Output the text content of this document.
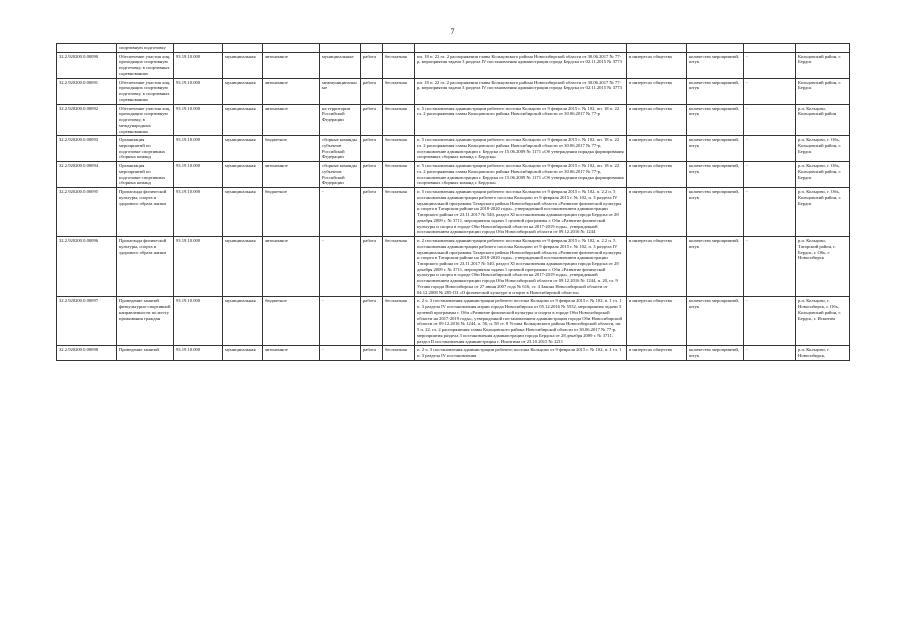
7
	спортивную подготовку											
32.2.920200.0.00090	Обеспечение участия лиц, проходящих спортивную подготовку, в спортивных соревнованиях	93.19.10.000	муниципальная	автономное	муниципальные	работа	бесплатная	пп. 18 п. 22 гл. 2 распоряжения главы Кольцовского района Новосибирской области от 30.06.2017 № 77-р, мероприятия задачи 3 раздела IV постановления администрации города Бердска от 02.11.2015 № 3773	в интересах общества	количество мероприятий, штук	-	Кольцовский район, г. Бердск
32.2.920200.0.00091	Обеспечение участия лиц, проходящих спортивную подготовку, в спортивных соревнованиях	93.19.10.000	муниципальная	автономное	межмуниципальные	работа	бесплатная	пп. 18 п. 22 гл. 2 распоряжения главы Кольцовского района Новосибирской области от 30.06.2017 № 77-р, мероприятия задачи 3 раздела IV постановления администрации города Бердска от 02.11.2015 № 3773	в интересах общества	количество мероприятий, штук	-	Кольцовский район, г. Бердск
32.2.920200.0.00092	Обеспечение участия лиц, проходящих спортивную подготовку, в международных соревнованиях	93.19.10.000	муниципальная	автономное	на территории Российской Федерации	работа	бесплатная	п. 5 постановления администрации рабочего поселка Кольцово от 9 февраля 2015 г. № 102, пп. 18 п. 22 гл. 2 распоряжения главы Кольцовского района Новосибирской области от 30.06.2017 № 77-р	в интересах общества	количество мероприятий, штук	-	р.п. Кольцово, Кольцовский район
32.2.920200.0.00093	Организация мероприятий по подготовке спортивных сборных команд	93.19.10.000	муниципальная	бюджетное	сборные команды субъектов Российской Федерации	работа	бесплатная	п. 5 постановления администрации рабочего поселка Кольцово от 9 февраля 2015 г. № 102, пп. 18 п. 22 гл. 2 распоряжения главы Кольцовского района Новосибирской области от 30.06.2017 № 77-р, постановление администрации г. Бердска от 15.06.2009 № 1171 «Об утверждении порядка формирования спортивных сборных команд г. Бердска»	в интересах общества	количество мероприятий, штук	-	р.п. Кольцово, г. Обь, Кольцовский район, г. Бердск
32.2.920200.0.00094	Организация мероприятий по подготовке спортивных сборных команд	93.19.10.000	муниципальная	автономное	сборные команды субъектов Российской Федерации	работа	бесплатная	п. 5 постановления администрации рабочего поселка Кольцово от 9 февраля 2015 г. № 102, пп. 18 п. 22 гл. 2 распоряжения главы Кольцовского района Новосибирской области от 30.06.2017 № 77-р, постановление администрации г. Бердска от 15.06.2009 № 1171 «Об утверждении порядка формирования спортивных сборных команд г. Бердска»	в интересах общества	количество мероприятий, штук	-	р.п. Кольцово, г. Обь, Кольцовский район, г. Бердск
32.2.920200.0.00095	Пропаганда физической культуры, спорта и здорового образа жизни	93.19.10.000	муниципальная	бюджетное	-	работа	бесплатная	п. 5 постановления администрации рабочего поселка Кольцово от 9 февраля 2015 г. № 102, п. 2.2 п. 5 постановления администрации рабочего поселка Кольцово от 9 февраля 2015 г. № 102, п. 3 раздела IV муниципальной программы Татарского района Новосибирской области «Развитие физической культуры и спорта в Татарском районе на 2018-2020 годы», утвержденной постановлением администрации Татарского района от 23.11.2017 № 540, раздел XI постановления администрации города Бердска от 28 декабря 2009 г. № 3711, мероприятия задачи 1 целевой программы г. Оби «Развитие физической культуры и спорта в городе Оби Новосибирской области на 2017-2019 годы», утвержденной постановлением администрации города Оби Новосибирской области от 09.12.2016 № 1244	в интересах общества	количество мероприятий, штук	-	р.п. Кольцово, г. Обь, Кольцовский район, г. Бердск
32.2.920200.0.00096	Пропаганда физической культуры, спорта и здорового образа жизни	93.19.10.000	муниципальная	автономное	-	работа	бесплатная	п. 2 постановления администрации рабочего поселка Кольцово от 9 февраля 2015 г. № 102, п. 2.2 п. 5 постановления администрации рабочего поселка Кольцово от 9 февраля 2015 г. № 102, п. 3 раздела IV муниципальной программы Татарского района Новосибирской области «Развитие физической культуры и спорта в Татарском районе на 2018-2020 годы», утвержденной постановлением администрации Татарского района от 23.11.2017 № 540, раздел XI постановления администрации города Бердска от 28 декабря 2009 г. № 3711, мероприятия задачи 1 целевой программы г. Оби «Развитие физической культуры и спорта в городе Оби Новосибирской области на 2017-2019 годы», утвержденной постановлением администрации города Оби Новосибирской области от 09.12.2016 № 1244, п. 20, гл. 9 Устава города Новосибирска от 27 июня 2007 года № 616, ст. 4 Закона Новосибирской области от 04.12.2008 № 285-ОЗ «О физической культуре и спорте в Новосибирской области»	в интересах общества	количество мероприятий, штук	-	р.п. Кольцово, Татарский район, г. Бердск, г. Обь, г. Новосибирск
32.2.920200.0.00097	Проведение занятий физкультурно-спортивной направленности по месту проживания граждан	93.19.10.000	муниципальная	бюджетное	-	работа	бесплатная	п. 2 ч. 3 постановления администрации рабочего поселка Кольцово от 9 февраля 2015 г. № 102, п. 1 гл. 1 п. 3 раздела IV постановления мэрии города Новосибирска от 05.12.2016 № 5552, мероприятия задачи 3 целевой программы г. Оби «Развитие физической культуры и спорта в городе Оби Новосибирской области на 2017-2019 годы», утвержденной постановлением администрации города Оби Новосибирской области от 09.12.2016 № 1244, п. 50, п. 58 ст. 8 Устава Кольцовского района Новосибирской области, пп. 5 п. 22, гл. 2 распоряжения главы Кольцовского района Новосибирской области от 30.06.2017 № 77-р, мероприятия раздела 3 постановления администрации города Бердска от 28 декабря 2009 г. № 3711, раздел II постановления администрации г. Искитима от 23.10.2015 № 2211	в интересах общества	количество мероприятий, штук	-	р.п. Кольцово, г. Новосибирск, г. Обь, Кольцовский район, г. Бердск, г. Искитим
32.2.920200.0.00098	Проведение занятий	93.19.10.000	муниципальная	автономное	-	работа	бесплатная	п. 2 ч. 3 постановления администрации рабочего поселка Кольцово от 9 февраля 2015 г. № 102, п. 1 гл. 1 п. 3 раздела IV постановления	в интересах общества	количество мероприятий, штук	-	р.п. Кольцово, г. Новосибирск,
